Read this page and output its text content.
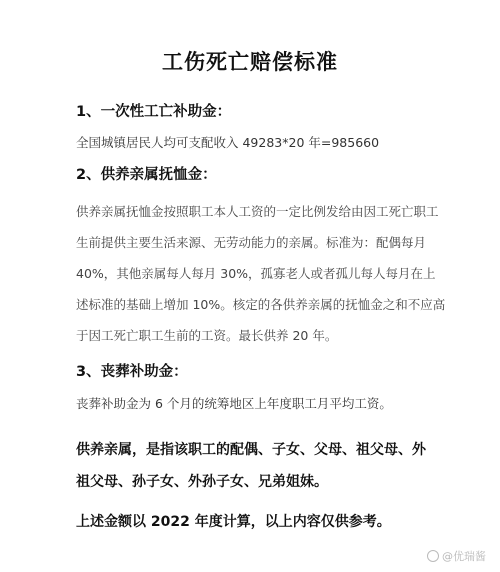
工伤死亡赔偿标准
1、一次性工亡补助金：
全国城镇居民人均可支配收入 49283*20 年=985660
2、供养亲属抚恤金：
供养亲属抚恤金按照职工本人工资的一定比例发给由因工死亡职工生前提供主要生活来源、无劳动能力的亲属。标准为：配偶每月 40%，其他亲属每人每月 30%，孤寡老人或者孤儿每人每月在上述标准的基础上增加 10%。核定的各供养亲属的抚恤金之和不应高于因工死亡职工生前的工资。最长供养 20 年。
3、丧葬补助金：
丧葬补助金为 6 个月的统筹地区上年度职工月平均工资。
供养亲属，是指该职工的配偶、子女、父母、祖父母、外祖父母、孙子女、外孙子女、兄弟姐妹。
上述金额以 2022 年度计算，以上内容仅供参考。
@优瑞酱
